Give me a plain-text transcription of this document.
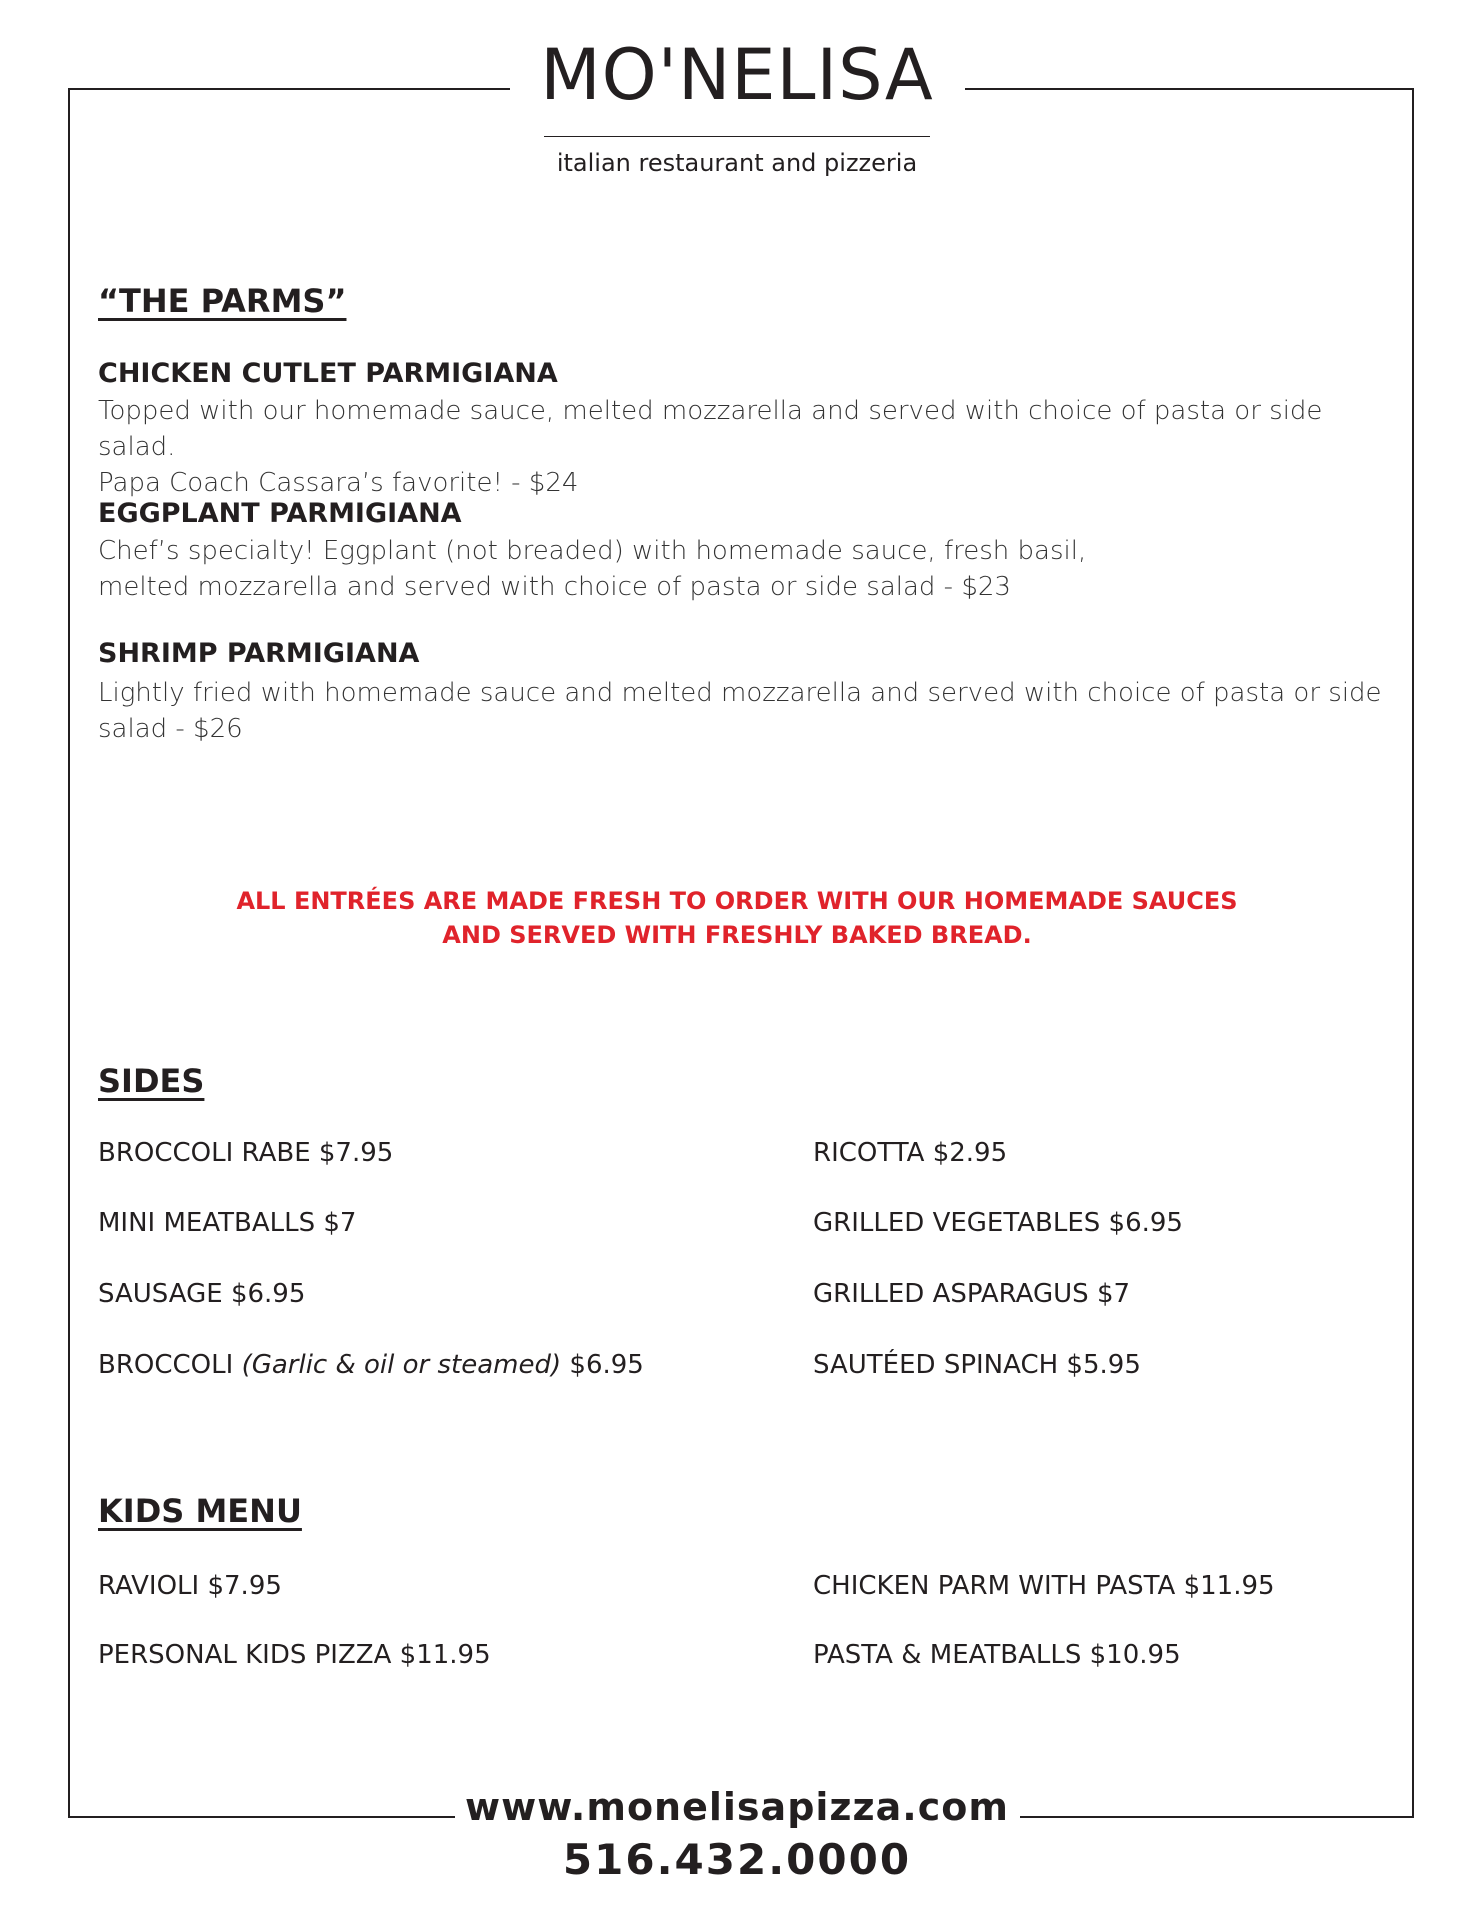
MO'NELISA
italian restaurant and pizzeria
“THE PARMS”
CHICKEN CUTLET PARMIGIANA
Topped with our homemade sauce, melted mozzarella and served with choice of pasta or side salad.
Papa Coach Cassara’s favorite! - $24
EGGPLANT PARMIGIANA
Chef’s specialty! Eggplant (not breaded) with homemade sauce, fresh basil,
melted mozzarella and served with choice of pasta or side salad - $23
SHRIMP PARMIGIANA
Lightly fried with homemade sauce and melted mozzarella and served with choice of pasta or side
salad - $26
ALL ENTRÉES ARE MADE FRESH TO ORDER WITH OUR HOMEMADE SAUCES
AND SERVED WITH FRESHLY BAKED BREAD.
SIDES
BROCCOLI RABE $7.95
MINI MEATBALLS $7
SAUSAGE $6.95
BROCCOLI (Garlic & oil or steamed) $6.95
RICOTTA $2.95
GRILLED VEGETABLES $6.95
GRILLED ASPARAGUS $7
SAUTÉED SPINACH $5.95
KIDS MENU
RAVIOLI $7.95
PERSONAL KIDS PIZZA $11.95
CHICKEN PARM WITH PASTA $11.95
PASTA & MEATBALLS $10.95
www.monelisapizza.com
516.432.0000
